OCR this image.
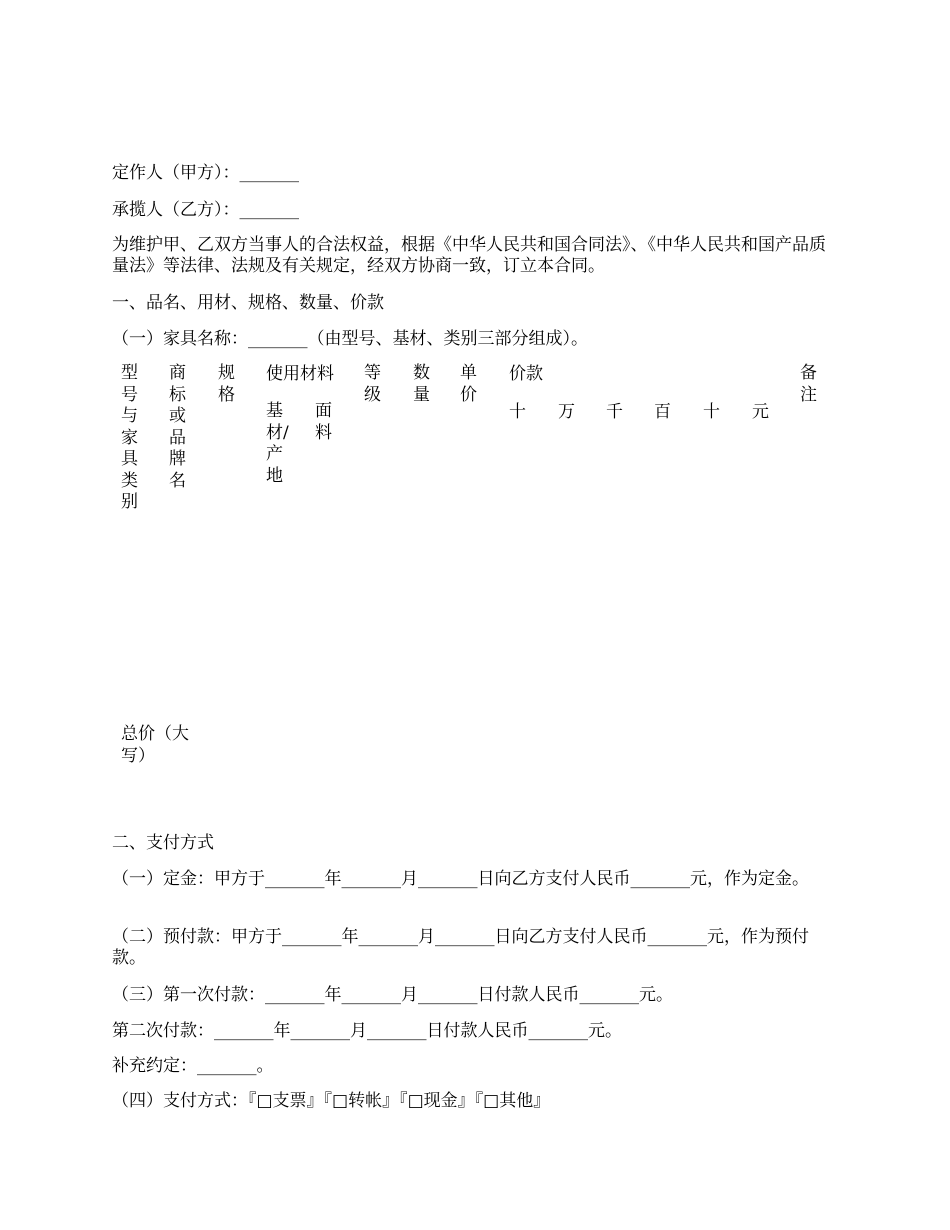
定作人（甲方）：_______
承揽人（乙方）：_______
为维护甲、乙双方当事人的合法权益，根据《中华人民共和国合同法》、《中华人民共和国产品质量法》等法律、法规及有关规定，经双方协商一致，订立本合同。
一、品名、用材、规格、数量、价款
（一）家具名称：_______（由型号、基材、类别三部分组成）。
型号与家具类别
商标或品牌名
规格
使用材料
基材/产地
面料
等级
数量
单价
价款
十 万 千 百 十 元
备注
总价（大写）
二、支付方式
（一）定金：甲方于_______年_______月_______日向乙方支付人民币_______元，作为定金。
（二）预付款：甲方于_______年_______月_______日向乙方支付人民币_______元，作为预付款。
（三）第一次付款：_______年_______月_______日付款人民币_______元。
第二次付款：_______年_______月_______日付款人民币_______元。
补充约定：_______。
（四）支付方式：『□支票』『□转帐』『□现金』『□其他』
